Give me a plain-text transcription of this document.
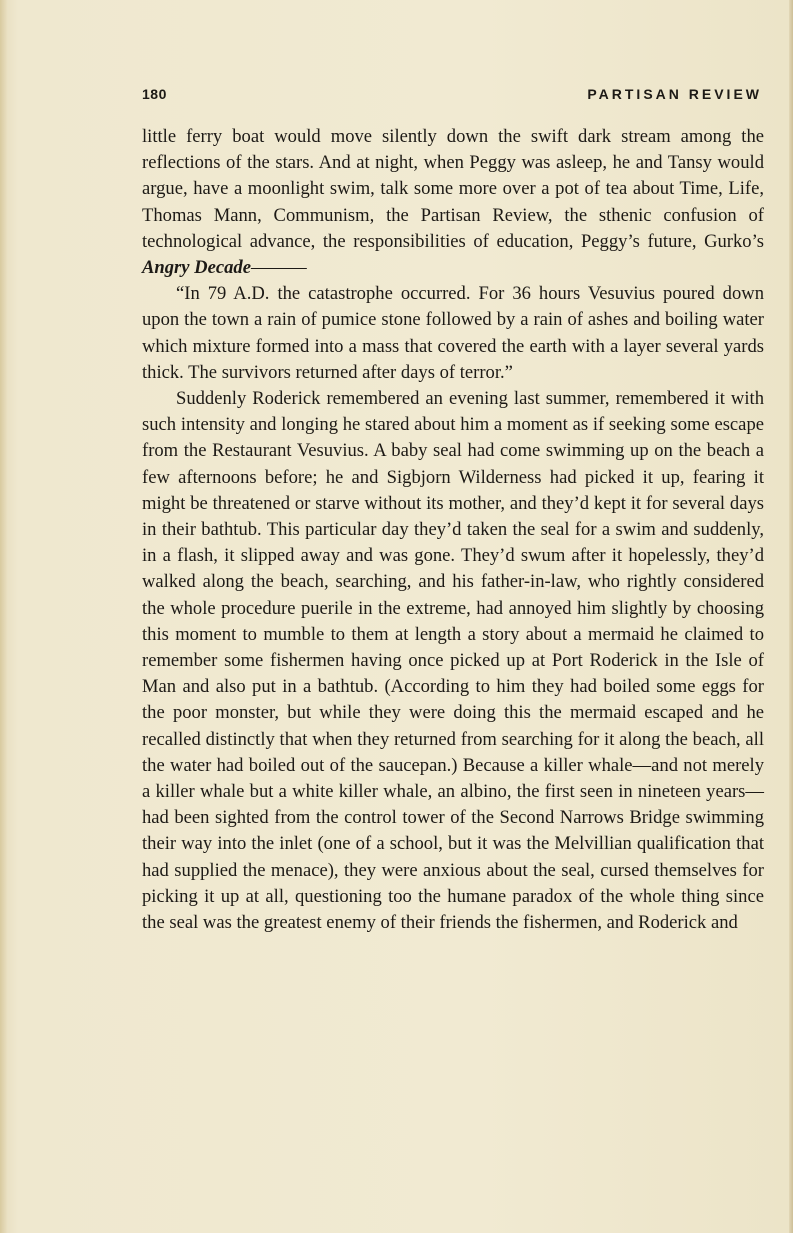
180	PARTISAN REVIEW

little ferry boat would move silently down the swift dark stream among the reflections of the stars. And at night, when Peggy was asleep, he and Tansy would argue, have a moonlight swim, talk some more over a pot of tea about Time, Life, Thomas Mann, Communism, the Partisan Review, the sthenic confusion of technological advance, the responsibilities of education, Peggy’s future, Gurko’s Angry Decade———

“In 79 A.D. the catastrophe occurred. For 36 hours Vesuvius poured down upon the town a rain of pumice stone followed by a rain of ashes and boiling water which mixture formed into a mass that covered the earth with a layer several yards thick. The survivors returned after days of terror.”

Suddenly Roderick remembered an evening last summer, remembered it with such intensity and longing he stared about him a moment as if seeking some escape from the Restaurant Vesuvius. A baby seal had come swimming up on the beach a few afternoons before; he and Sigbjorn Wilderness had picked it up, fearing it might be threatened or starve without its mother, and they’d kept it for several days in their bathtub. This particular day they’d taken the seal for a swim and suddenly, in a flash, it slipped away and was gone. They’d swum after it hopelessly, they’d walked along the beach, searching, and his father-in-law, who rightly considered the whole procedure puerile in the extreme, had annoyed him slightly by choosing this moment to mumble to them at length a story about a mermaid he claimed to remember some fishermen having once picked up at Port Roderick in the Isle of Man and also put in a bathtub. (According to him they had boiled some eggs for the poor monster, but while they were doing this the mermaid escaped and he recalled distinctly that when they returned from searching for it along the beach, all the water had boiled out of the saucepan.) Because a killer whale—and not merely a killer whale but a white killer whale, an albino, the first seen in nineteen years—had been sighted from the control tower of the Second Narrows Bridge swimming their way into the inlet (one of a school, but it was the Melvillian qualification that had supplied the menace), they were anxious about the seal, cursed themselves for picking it up at all, questioning too the humane paradox of the whole thing since the seal was the greatest enemy of their friends the fishermen, and Roderick and
